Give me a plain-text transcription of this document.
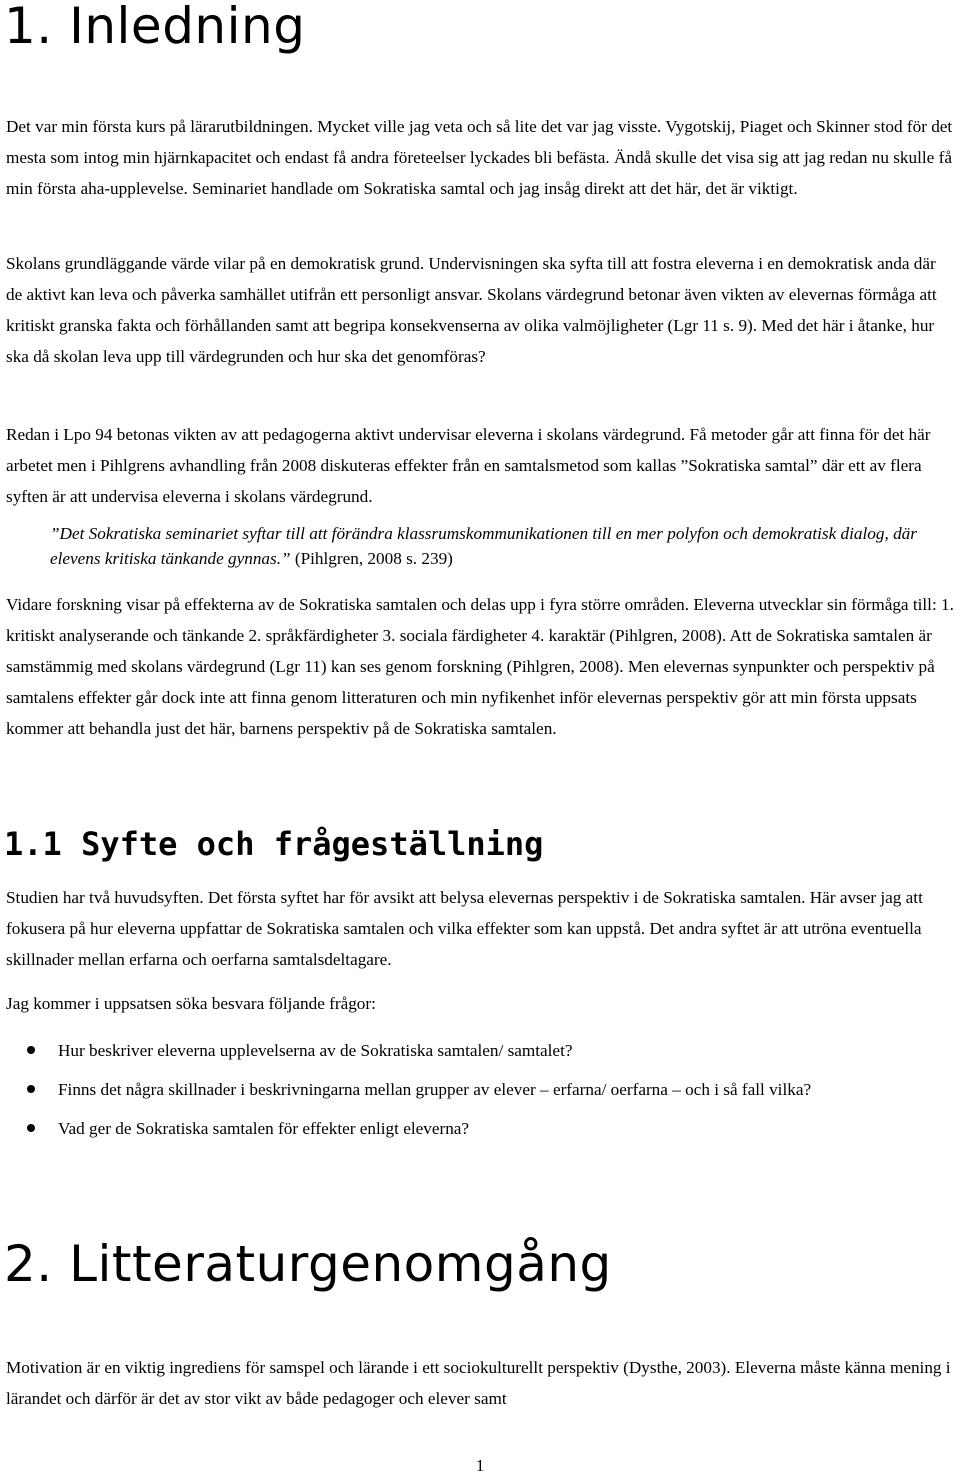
1. Inledning

Det var min första kurs på lärarutbildningen. Mycket ville jag veta och så lite det var jag visste. Vygotskij, Piaget och Skinner stod för det mesta som intog min hjärnkapacitet och endast få andra företeelser lyckades bli befästa. Ändå skulle det visa sig att jag redan nu skulle få min första aha-upplevelse. Seminariet handlade om Sokratiska samtal och jag insåg direkt att det här, det är viktigt.

Skolans grundläggande värde vilar på en demokratisk grund. Undervisningen ska syfta till att fostra eleverna i en demokratisk anda där de aktivt kan leva och påverka samhället utifrån ett personligt ansvar. Skolans värdegrund betonar även vikten av elevernas förmåga att kritiskt granska fakta och förhållanden samt att begripa konsekvenserna av olika valmöjligheter (Lgr 11 s. 9). Med det här i åtanke, hur ska då skolan leva upp till värdegrunden och hur ska det genomföras?

Redan i Lpo 94 betonas vikten av att pedagogerna aktivt undervisar eleverna i skolans värdegrund. Få metoder går att finna för det här arbetet men i Pihlgrens avhandling från 2008 diskuteras effekter från en samtalsmetod som kallas ”Sokratiska samtal” där ett av flera syften är att undervisa eleverna i skolans värdegrund.

”Det Sokratiska seminariet syftar till att förändra klassrumskommunikationen till en mer polyfon och demokratisk dialog, där elevens kritiska tänkande gynnas.” (Pihlgren, 2008 s. 239)

Vidare forskning visar på effekterna av de Sokratiska samtalen och delas upp i fyra större områden. Eleverna utvecklar sin förmåga till: 1. kritiskt analyserande och tänkande 2. språkfärdigheter 3. sociala färdigheter 4. karaktär (Pihlgren, 2008). Att de Sokratiska samtalen är samstämmig med skolans värdegrund (Lgr 11) kan ses genom forskning (Pihlgren, 2008). Men elevernas synpunkter och perspektiv på samtalens effekter går dock inte att finna genom litteraturen och min nyfikenhet inför elevernas perspektiv gör att min första uppsats kommer att behandla just det här, barnens perspektiv på de Sokratiska samtalen.

1.1 Syfte och frågeställning

Studien har två huvudsyften. Det första syftet har för avsikt att belysa elevernas perspektiv i de Sokratiska samtalen. Här avser jag att fokusera på hur eleverna uppfattar de Sokratiska samtalen och vilka effekter som kan uppstå. Det andra syftet är att utröna eventuella skillnader mellan erfarna och oerfarna samtalsdeltagare.

Jag kommer i uppsatsen söka besvara följande frågor:

Hur beskriver eleverna upplevelserna av de Sokratiska samtalen/ samtalet?
Finns det några skillnader i beskrivningarna mellan grupper av elever – erfarna/ oerfarna – och i så fall vilka?
Vad ger de Sokratiska samtalen för effekter enligt eleverna?
2. Litteraturgenomgång

Motivation är en viktig ingrediens för samspel och lärande i ett sociokulturellt perspektiv (Dysthe, 2003). Eleverna måste känna mening i lärandet och därför är det av stor vikt av både pedagoger och elever samt

1
